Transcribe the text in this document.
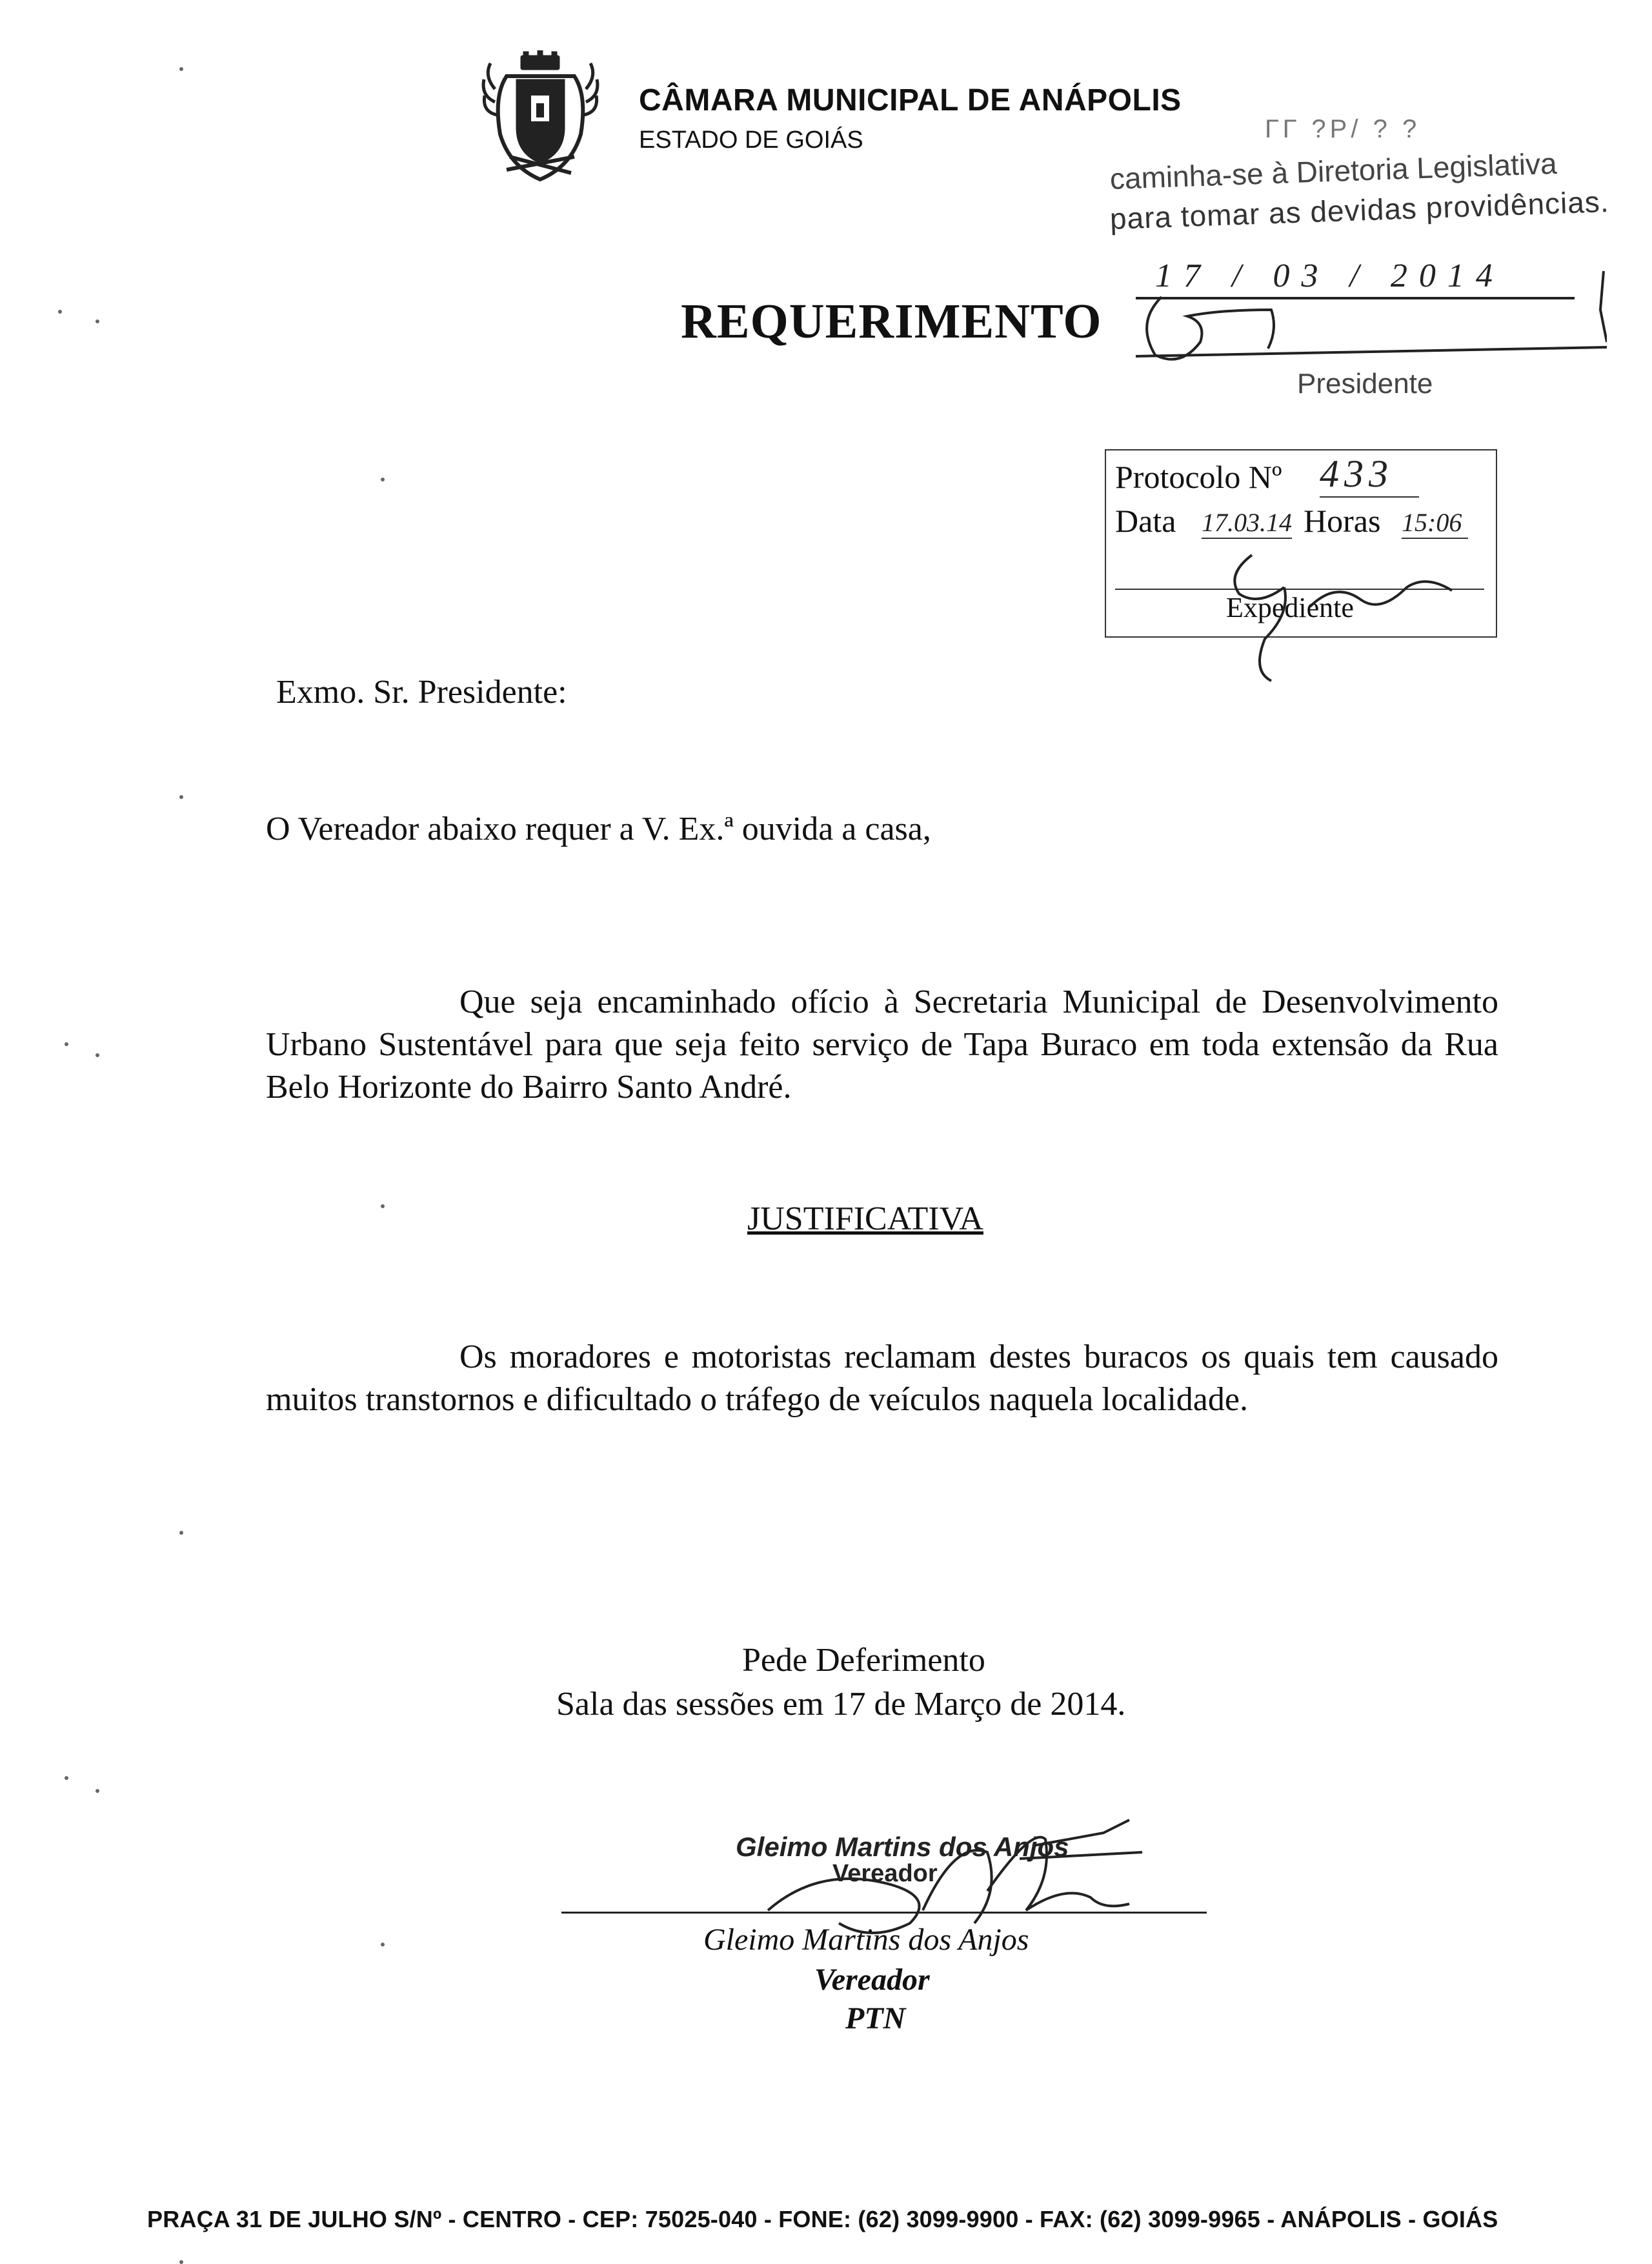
CÂMARA MUNICIPAL DE ANÁPOLIS
ESTADO DE GOIÁS	ГГ ?Р/ ? ?
caminha-se à Diretoria Legislativa
para tomar as devidas providências.
17 / 03 / 2014
Presidente
REQUERIMENTO
Protocolo Nº 433
Data 17.03.14 Horas 15:06
Expediente
Exmo. Sr. Presidente:
O Vereador abaixo requer a V. Ex.ª ouvida a casa,
Que seja encaminhado ofício à Secretaria Municipal de Desenvolvimento Urbano Sustentável para que seja feito serviço de Tapa Buraco em toda extensão da Rua Belo Horizonte do Bairro Santo André.
JUSTIFICATIVA
Os moradores e motoristas reclamam destes buracos os quais tem causado muitos transtornos e dificultado o tráfego de veículos naquela localidade.
Pede Deferimento
Sala das sessões em 17 de Março de 2014.
Gleimo Martins dos Anjos
Vereador
Gleimo Martins dos Anjos
Vereador
PTN
PRAÇA 31 DE JULHO S/Nº - CENTRO - CEP: 75025-040 - FONE: (62) 3099-9900 - FAX: (62) 3099-9965 - ANÁPOLIS - GOIÁS
